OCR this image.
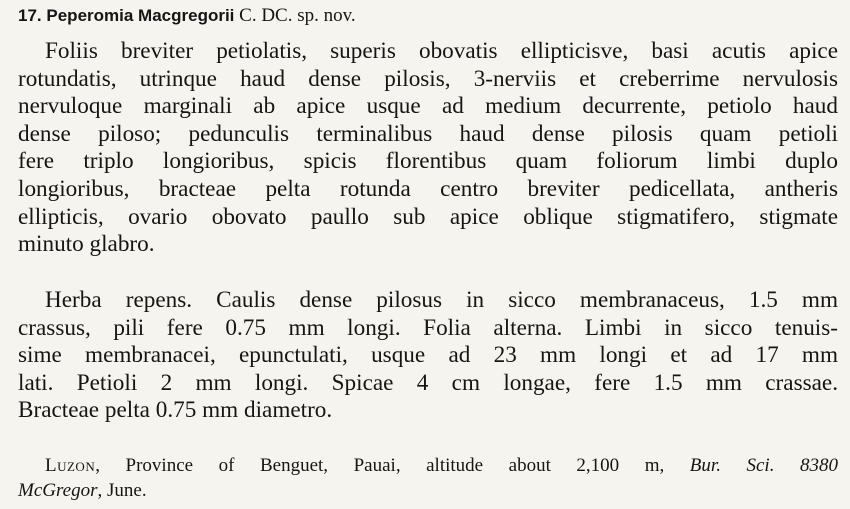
17. Peperomia Macgregorii C. DC. sp. nov.
Foliis breviter petiolatis, superis obovatis ellipticisve, basi acutis apice
rotundatis, utrinque haud dense pilosis, 3-nerviis et creberrime nervulosis
nervuloque marginali ab apice usque ad medium decurrente, petiolo haud
dense piloso; pedunculis terminalibus haud dense pilosis quam petioli
fere triplo longioribus, spicis florentibus quam foliorum limbi duplo
longioribus, bracteae pelta rotunda centro breviter pedicellata, antheris
ellipticis, ovario obovato paullo sub apice oblique stigmatifero, stigmate
minuto glabro.
Herba repens. Caulis dense pilosus in sicco membranaceus, 1.5 mm
crassus, pili fere 0.75 mm longi. Folia alterna. Limbi in sicco tenuis-
sime membranacei, epunctulati, usque ad 23 mm longi et ad 17 mm
lati. Petioli 2 mm longi. Spicae 4 cm longae, fere 1.5 mm crassae.
Bracteae pelta 0.75 mm diametro.
Luzon, Province of Benguet, Pauai, altitude about 2,100 m, Bur. Sci. 8380
McGregor, June.
